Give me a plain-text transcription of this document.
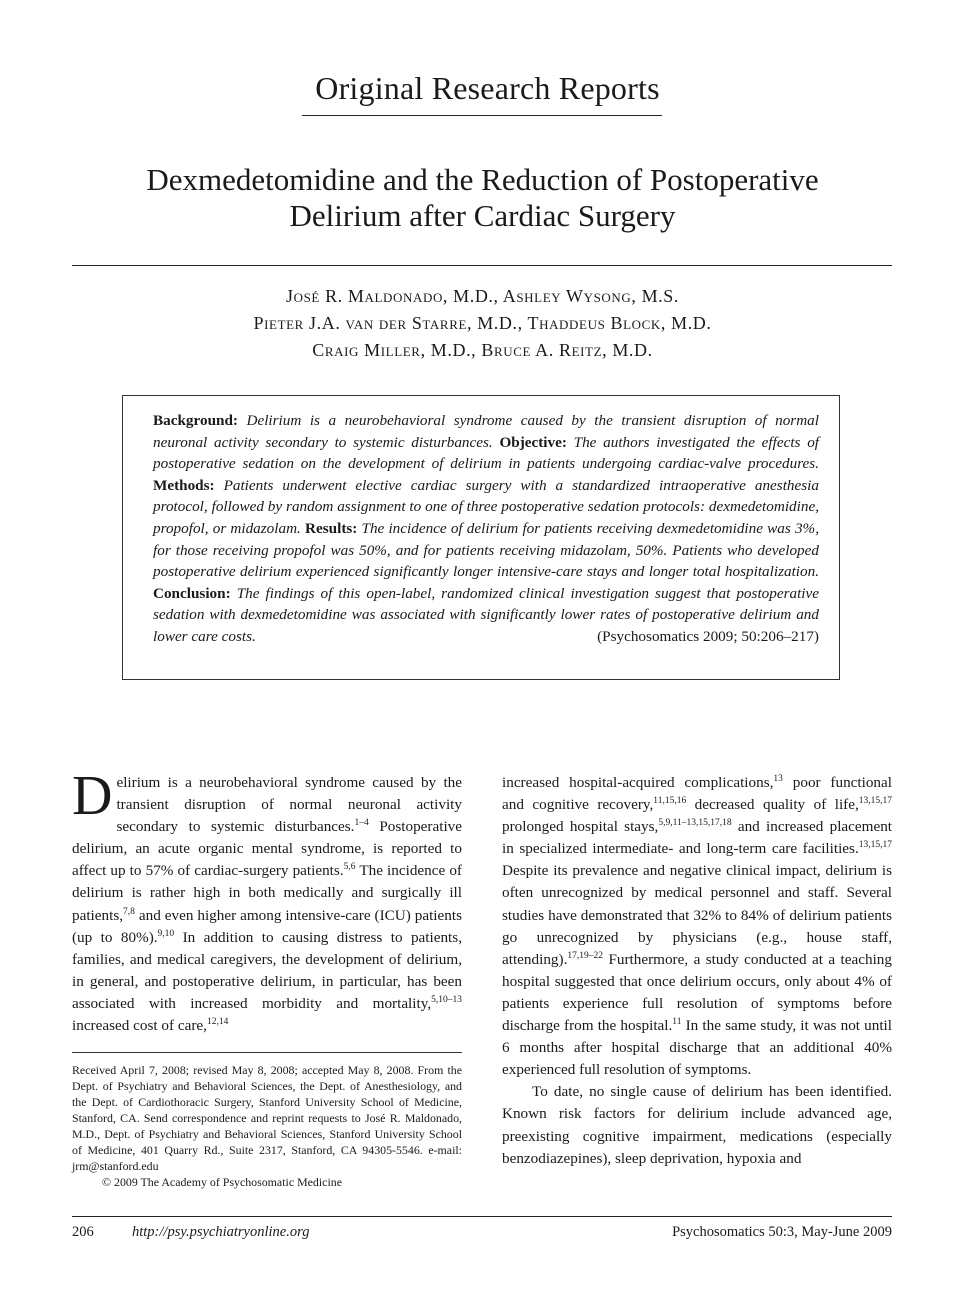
Original Research Reports
Dexmedetomidine and the Reduction of Postoperative
Delirium after Cardiac Surgery
José R. Maldonado, M.D., Ashley Wysong, M.S.
Pieter J.A. van der Starre, M.D., Thaddeus Block, M.D.
Craig Miller, M.D., Bruce A. Reitz, M.D.
Background: Delirium is a neurobehavioral syndrome caused by the transient disruption of normal neuronal activity secondary to systemic disturbances. Objective: The authors investigated the effects of postoperative sedation on the development of delirium in patients undergoing cardiac-valve procedures. Methods: Patients underwent elective cardiac surgery with a standardized intraoperative anesthesia protocol, followed by random assignment to one of three postoperative sedation protocols: dexmedetomidine, propofol, or midazolam. Results: The incidence of delirium for patients receiving dexmedetomidine was 3%, for those receiving propofol was 50%, and for patients receiving midazolam, 50%. Patients who developed postoperative delirium experienced significantly longer intensive-care stays and longer total hospitalization. Conclusion: The findings of this open-label, randomized clinical investigation suggest that postoperative sedation with dexmedetomidine was associated with significantly lower rates of postoperative delirium and lower care costs.	(Psychosomatics 2009; 50:206–217)

Delirium is a neurobehavioral syndrome caused by the transient disruption of normal neuronal activity secondary to systemic disturbances.$^{1-4}$ Postoperative delirium, an acute organic mental syndrome, is reported to affect up to 57% of cardiac-surgery patients.$^{5,6}$ The incidence of delirium is rather high in both medically and surgically ill patients,$^{7,8}$ and even higher among intensive-care (ICU) patients (up to 80%).$^{9,10}$ In addition to causing distress to patients, families, and medical caregivers, the development of delirium, in general, and postoperative delirium, in particular, has been associated with increased morbidity and mortality,$^{5,10-13}$ increased cost of care,$^{12,14}$

Received April 7, 2008; revised May 8, 2008; accepted May 8, 2008. From the Dept. of Psychiatry and Behavioral Sciences, the Dept. of Anesthesiology, and the Dept. of Cardiothoracic Surgery, Stanford University School of Medicine, Stanford, CA. Send correspondence and reprint requests to José R. Maldonado, M.D., Dept. of Psychiatry and Behavioral Sciences, Stanford University School of Medicine, 401 Quarry Rd., Suite 2317, Stanford, CA 94305-5546. e-mail: jrm@stanford.edu
© 2009 The Academy of Psychosomatic Medicine

increased hospital-acquired complications,$^{13}$ poor functional and cognitive recovery,$^{11,15,16}$ decreased quality of life,$^{13,15,17}$ prolonged hospital stays,$^{5,9,11-13,15,17,18}$ and increased placement in specialized intermediate- and long-term care facilities.$^{13,15,17}$ Despite its prevalence and negative clinical impact, delirium is often unrecognized by medical personnel and staff. Several studies have demonstrated that 32% to 84% of delirium patients go unrecognized by physicians (e.g., house staff, attending).$^{17,19-22}$ Furthermore, a study conducted at a teaching hospital suggested that once delirium occurs, only about 4% of patients experience full resolution of symptoms before discharge from the hospital.$^{11}$ In the same study, it was not until 6 months after hospital discharge that an additional 40% experienced full resolution of symptoms.

To date, no single cause of delirium has been identified. Known risk factors for delirium include advanced age, preexisting cognitive impairment, medications (especially benzodiazepines), sleep deprivation, hypoxia and

206	http://psy.psychiatryonline.org	Psychosomatics 50:3, May-June 2009
